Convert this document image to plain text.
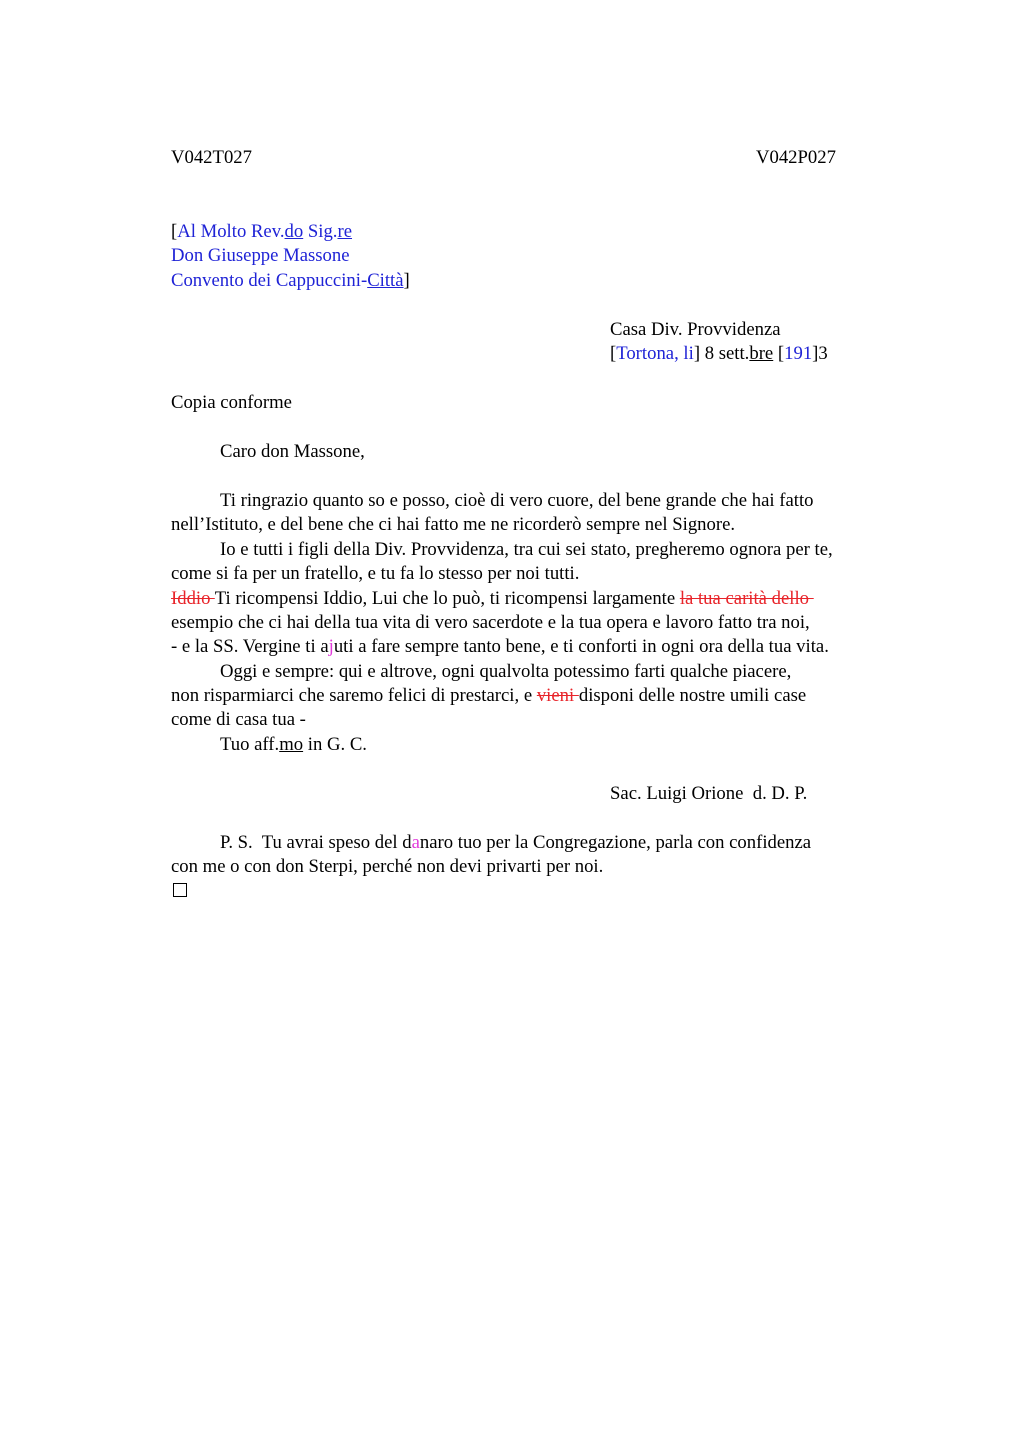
V042T027	V042P027
[Al Molto Rev.do Sig.re
Don Giuseppe Massone
Convento dei Cappuccini-Città]
Casa Div. Provvidenza
[Tortona, li] 8 sett.bre [191]3
Copia conforme
Caro don Massone,
Ti ringrazio quanto so e posso, cioè di vero cuore, del bene grande che hai fatto
nell’Istituto, e del bene che ci hai fatto me ne ricorderò sempre nel Signore.
Io e tutti i figli della Div. Provvidenza, tra cui sei stato, pregheremo ognora per te,
come si fa per un fratello, e tu fa lo stesso per noi tutti.
Iddio Ti ricompensi Iddio, Lui che lo può, ti ricompensi largamente la tua carità dello
esempio che ci hai della tua vita di vero sacerdote e la tua opera e lavoro fatto tra noi,
- e la SS. Vergine ti ajuti a fare sempre tanto bene, e ti conforti in ogni ora della tua vita.
Oggi e sempre: qui e altrove, ogni qualvolta potessimo farti qualche piacere,
non risparmiarci che saremo felici di prestarci, e vieni disponi delle nostre umili case
come di casa tua -
Tuo aff.mo in G. C.
Sac. Luigi Orione  d. D. P.
P. S.  Tu avrai speso del danaro tuo per la Congregazione, parla con confidenza
con me o con don Sterpi, perché non devi privarti per noi.
